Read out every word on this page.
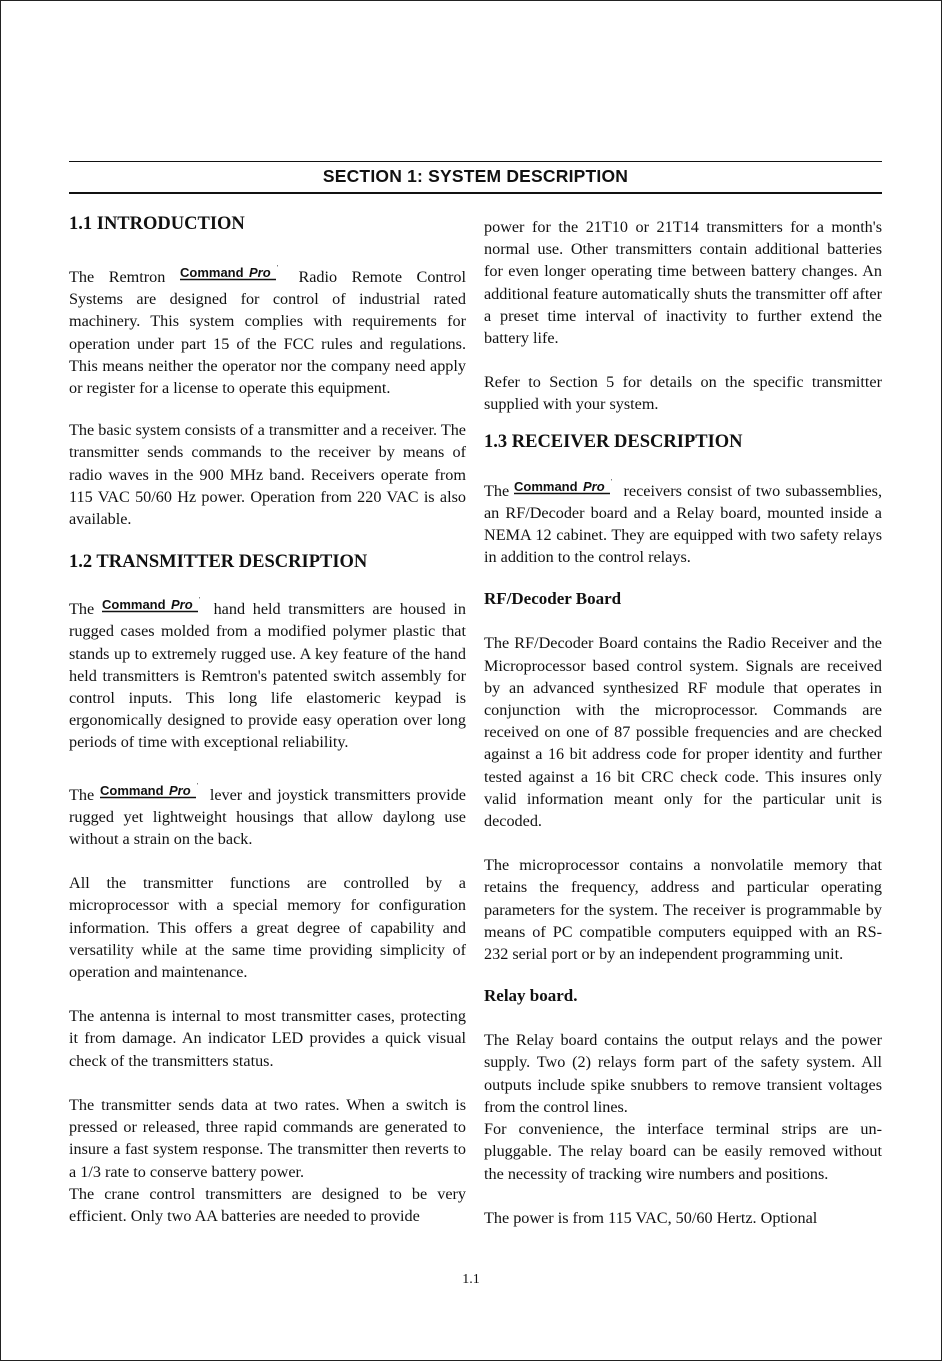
SECTION 1: SYSTEM DESCRIPTION
1.1 INTRODUCTION

The Remtron Command Pro ' Radio Remote Control Systems are designed for control of industrial rated machinery. This system complies with requirements for operation under part 15 of the FCC rules and regulations. This means neither the operator nor the company need apply or register for a license to operate this equipment.

The basic system consists of a transmitter and a receiver. The transmitter sends commands to the receiver by means of radio waves in the 900 MHz band. Receivers operate from 115 VAC 50/60 Hz power. Operation from 220 VAC is also available.

1.2 TRANSMITTER DESCRIPTION

The Command Pro ' hand held transmitters are housed in rugged cases molded from a modified polymer plastic that stands up to extremely rugged use. A key feature of the hand held transmitters is Remtron's patented switch assembly for control inputs. This long life elastomeric keypad is ergonomically designed to provide easy operation over long periods of time with exceptional reliability.

The Command Pro ' lever and joystick transmitters provide rugged yet lightweight housings that allow daylong use without a strain on the back.

All the transmitter functions are controlled by a microprocessor with a special memory for configuration information. This offers a great degree of capability and versatility while at the same time providing simplicity of operation and maintenance.

The antenna is internal to most transmitter cases, protecting it from damage. An indicator LED provides a quick visual check of the transmitters status.

The transmitter sends data at two rates. When a switch is pressed or released, three rapid commands are generated to insure a fast system response. The transmitter then reverts to a 1/3 rate to conserve battery power.

The crane control transmitters are designed to be very efficient. Only two AA batteries are needed to provide

power for the 21T10 or 21T14 transmitters for a month's normal use. Other transmitters contain additional batteries for even longer operating time between battery changes. An additional feature automatically shuts the transmitter off after a preset time interval of inactivity to further extend the battery life.

Refer to Section 5 for details on the specific transmitter supplied with your system.

1.3 RECEIVER DESCRIPTION

The Command Pro ' receivers consist of two subassemblies, an RF/Decoder board and a Relay board, mounted inside a NEMA 12 cabinet. They are equipped with two safety relays in addition to the control relays.

RF/Decoder Board

The RF/Decoder Board contains the Radio Receiver and the Microprocessor based control system. Signals are received by an advanced synthesized RF module that operates in conjunction with the microprocessor. Commands are received on one of 87 possible frequencies and are checked against a 16 bit address code for proper identity and further tested against a 16 bit CRC check code. This insures only valid information meant only for the particular unit is decoded.

The microprocessor contains a nonvolatile memory that retains the frequency, address and particular operating parameters for the system. The receiver is programmable by means of PC compatible computers equipped with an RS-232 serial port or by an independent programming unit.

Relay board.

The Relay board contains the output relays and the power supply. Two (2) relays form part of the safety system. All outputs include spike snubbers to remove transient voltages from the control lines.

For convenience, the interface terminal strips are un-pluggable. The relay board can be easily removed without the necessity of tracking wire numbers and positions.

The power is from 115 VAC, 50/60 Hertz. Optional

1.1
